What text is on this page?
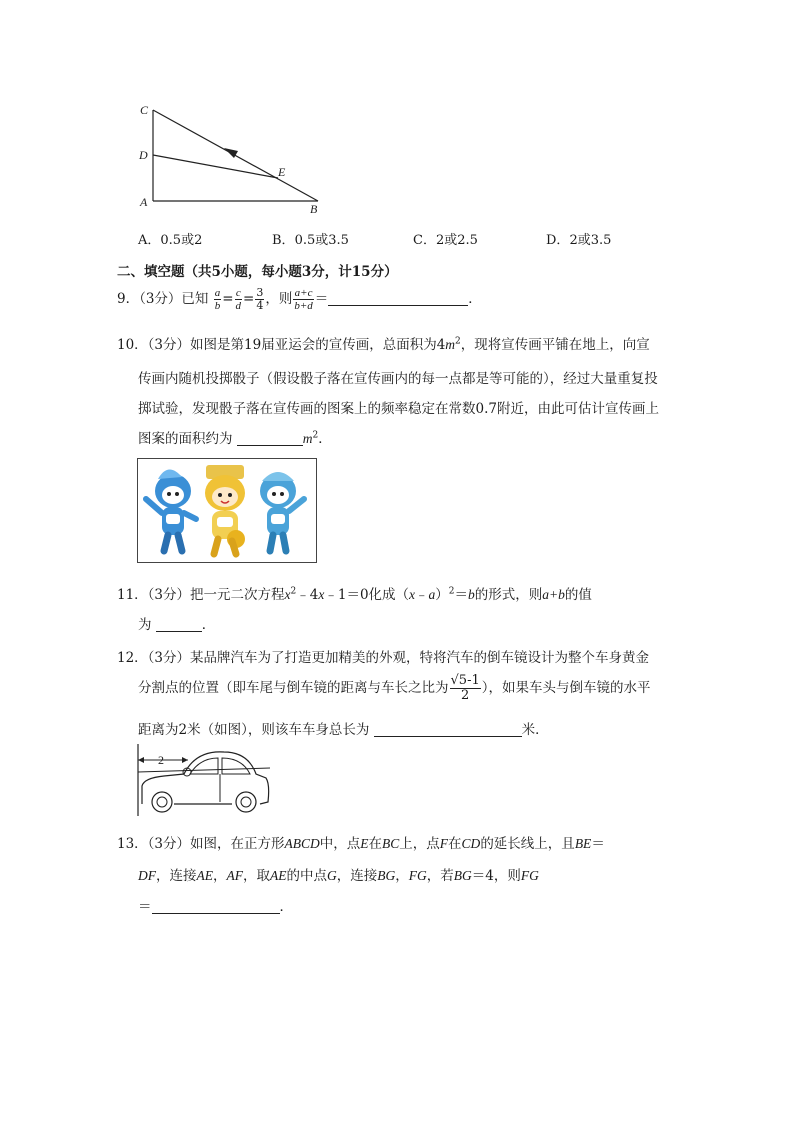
C
D
E
A	B
A．0.5或2	B．0.5或3.5	C．2或2.5	D．2或3.5
二、填空题（共5小题，每小题3分，计15分）
9．（3分）已知 $\frac{a}{b} = \frac{c}{d} = \frac{3}{4}$ ，则 $\frac{a+c}{b+d}$ ＝	．
10．（3分）如图是第19届亚运会的宣传画，总面积为$4m^2$，现将宣传画平铺在地上，向宣
传画内随机投掷骰子（假设骰子落在宣传画内的每一点都是等可能的），经过大量重复投
掷试验，发现骰子落在宣传画的图案上的频率稳定在常数0.7附近，由此可估计宣传画上
图案的面积约为	$m^2$．
11．（3分）把一元二次方程$x^2﹣4x﹣1=0$化成（x﹣a）$^2$＝b的形式，则a+b的值
为	．
12．（3分）某品牌汽车为了打造更加精美的外观，特将汽车的倒车镜设计为整个车身黄金
分割点的位置（即车尾与倒车镜的距离与车长之比为 $\frac{√5-1}{2}$ ），如果车头与倒车镜的水平
距离为2米（如图），则该车车身总长为	米．
2
13．（3分）如图，在正方形ABCD中，点E在BC上，点F在CD的延长线上，且BE＝
DF，连接AE，AF，取AE的中点G，连接BG，FG，若BG＝4，则FG
＝	．
